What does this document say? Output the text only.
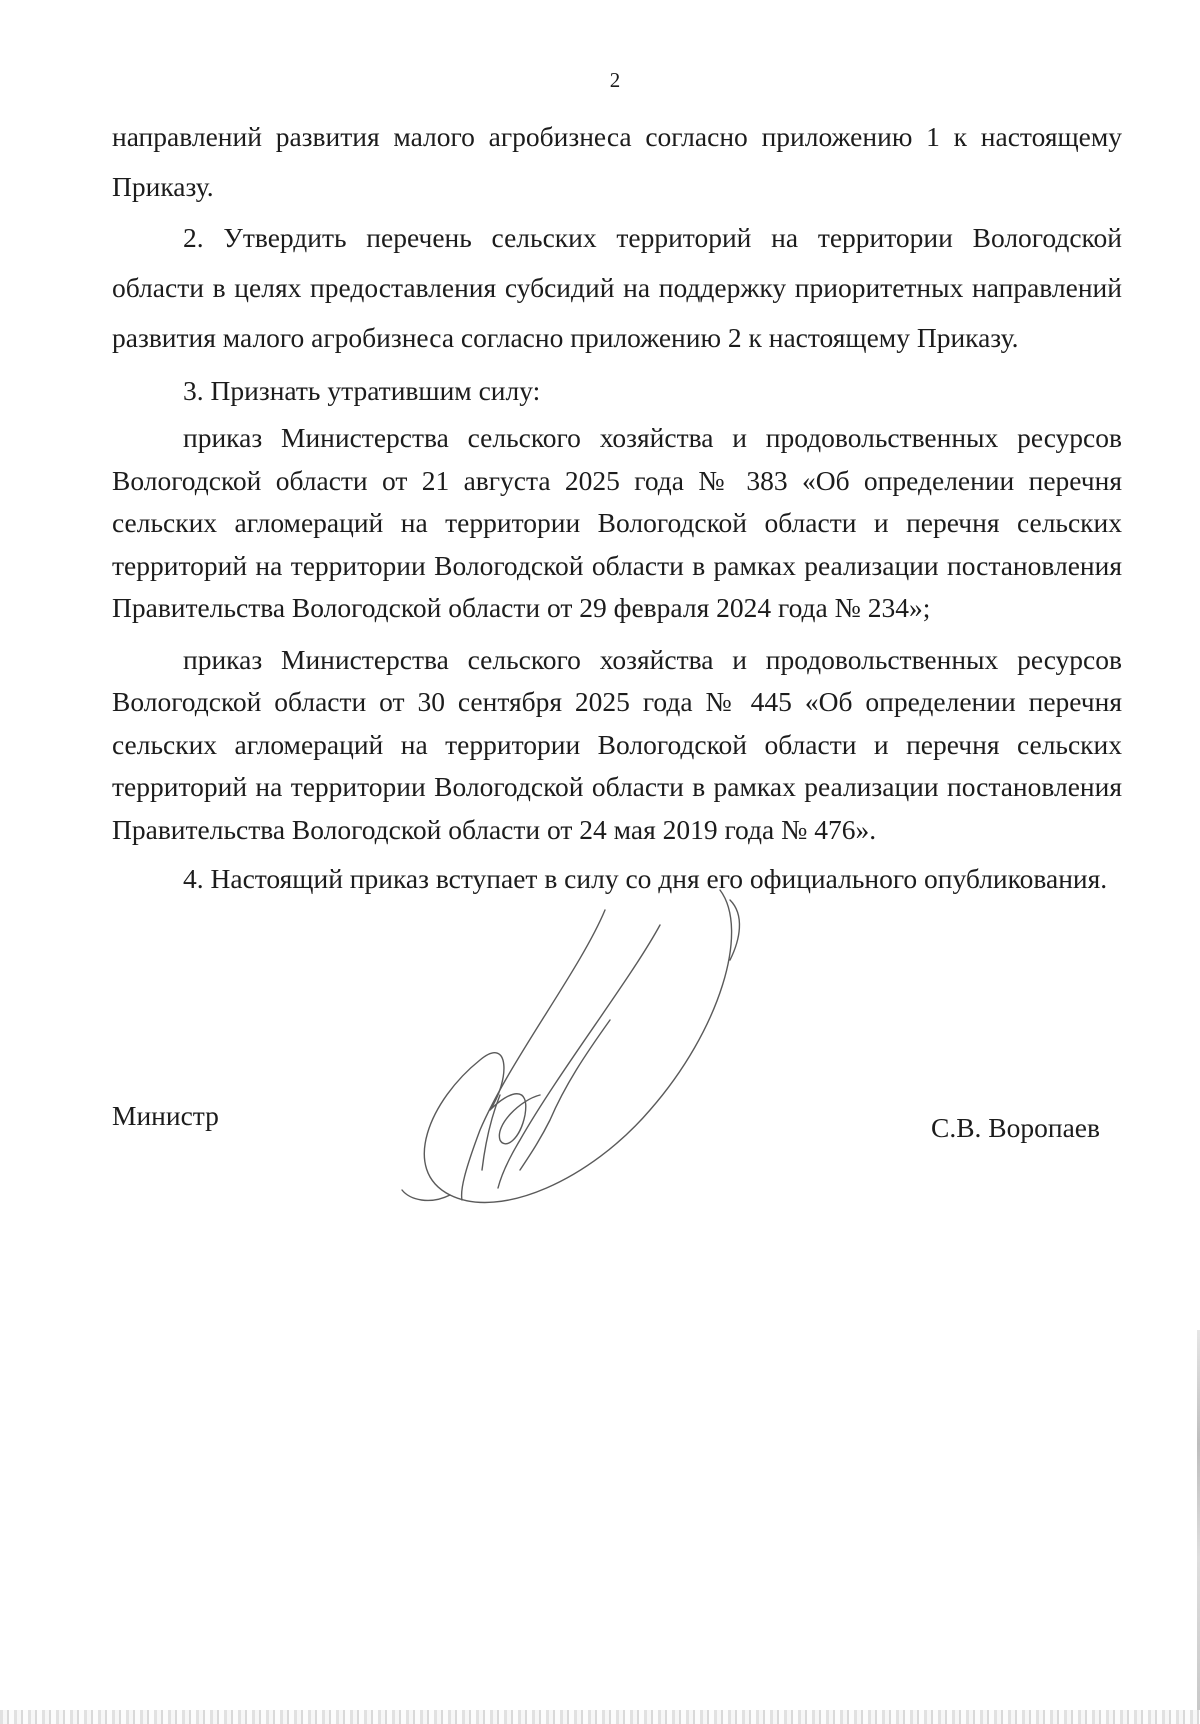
2

направлений развития малого агробизнеса согласно приложению 1 к настоящему Приказу.

2. Утвердить перечень сельских территорий на территории Вологодской области в целях предоставления субсидий на поддержку приоритетных направлений развития малого агробизнеса согласно приложению 2 к настоящему Приказу.

3. Признать утратившим силу:

приказ Министерства сельского хозяйства и продовольственных ресурсов Вологодской области от 21 августа 2025 года № 383 «Об определении перечня сельских агломераций на территории Вологодской области и перечня сельских территорий на территории Вологодской области в рамках реализации постановления Правительства Вологодской области от 29 февраля 2024 года № 234»;

приказ Министерства сельского хозяйства и продовольственных ресурсов Вологодской области от 30 сентября 2025 года № 445 «Об определении перечня сельских агломераций на территории Вологодской области и перечня сельских территорий на территории Вологодской области в рамках реализации постановления Правительства Вологодской области от 24 мая 2019 года № 476».

4. Настоящий приказ вступает в силу со дня его официального опубликования.

Министр	С.В. Воропаев
